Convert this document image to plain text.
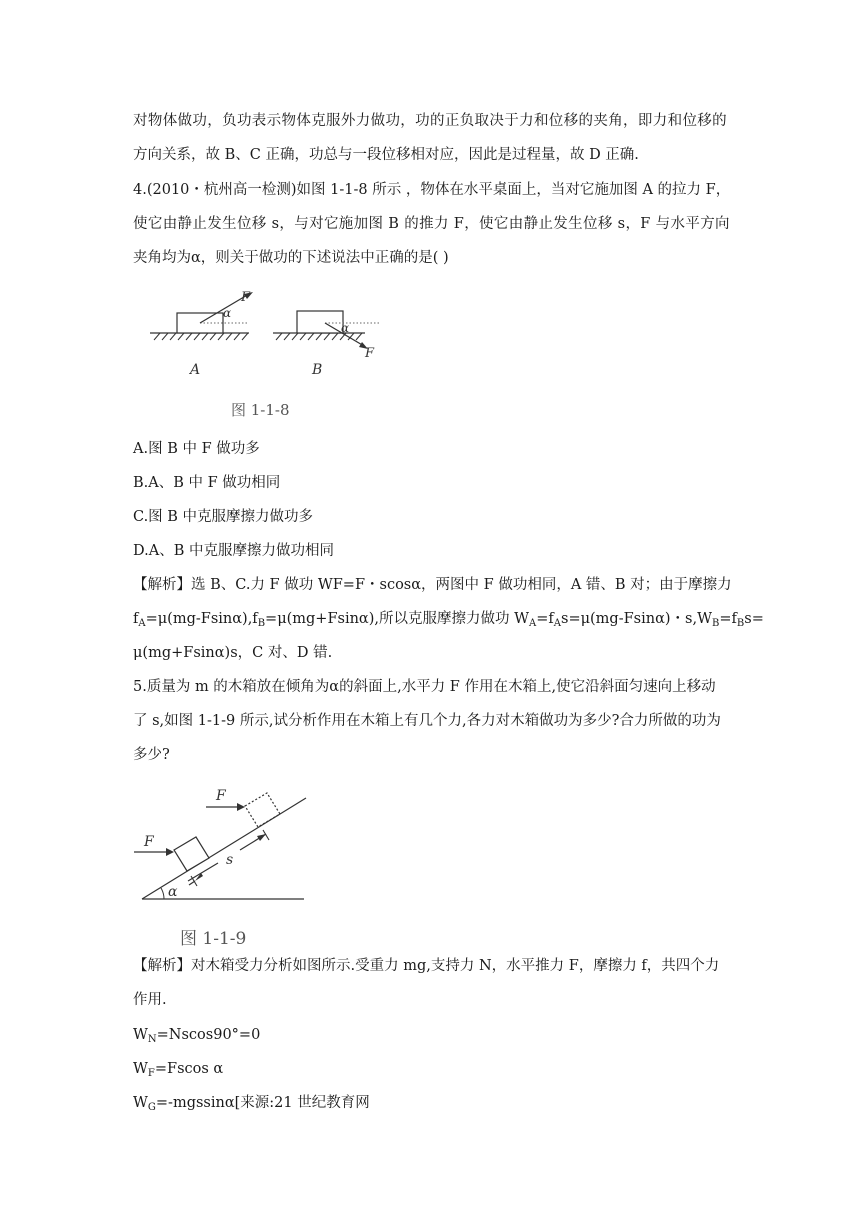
对物体做功，负功表示物体克服外力做功，功的正负取决于力和位移的夹角，即力和位移的
方向关系，故 B、C 正确，功总与一段位移相对应，因此是过程量，故 D 正确.
4.(2010・杭州高一检测)如图 1-1-8 所示 ，物体在水平桌面上，当对它施加图 A 的拉力 F，
使它由静止发生位移 s，与对它施加图 B 的推力 F，使它由静止发生位移 s，F 与水平方向
夹角均为α，则关于做功的下述说法中正确的是( )
F
α
F
α
A	B
图 1-1-8
A.图 B 中 F 做功多
B.A、B 中 F 做功相同
C.图 B 中克服摩擦力做功多
D.A、B 中克服摩擦力做功相同
【解析】选 B、C.力 F 做功 WF=F・scosα，两图中 F 做功相同，A 错、B 对；由于摩擦力
$f_A=\mu(mg-Fsin\alpha),f_B=\mu(mg+Fsin\alpha)$,所以克服摩擦力做功 $W_A=f_As=\mu(mg-Fsin\alpha)$・$s,W_B=f_Bs=$
μ(mg+Fsinα)s，C 对、D 错.
5.质量为 m 的木箱放在倾角为α的斜面上,水平力 F 作用在木箱上,使它沿斜面匀速向上移动
了 s,如图 1-1-9 所示,试分析作用在木箱上有几个力,各力对木箱做功为多少?合力所做的功为
多少?
F
F
s
α
图 1-1-9
【解析】对木箱受力分析如图所示.受重力 mg,支持力 N，水平推力 F，摩擦力 f，共四个力
作用.
$W_N=Nscos90^\circ=0$
$W_F=Fscos$ α
$W_G=-mgssin\alpha$[来源:21 世纪教育网
